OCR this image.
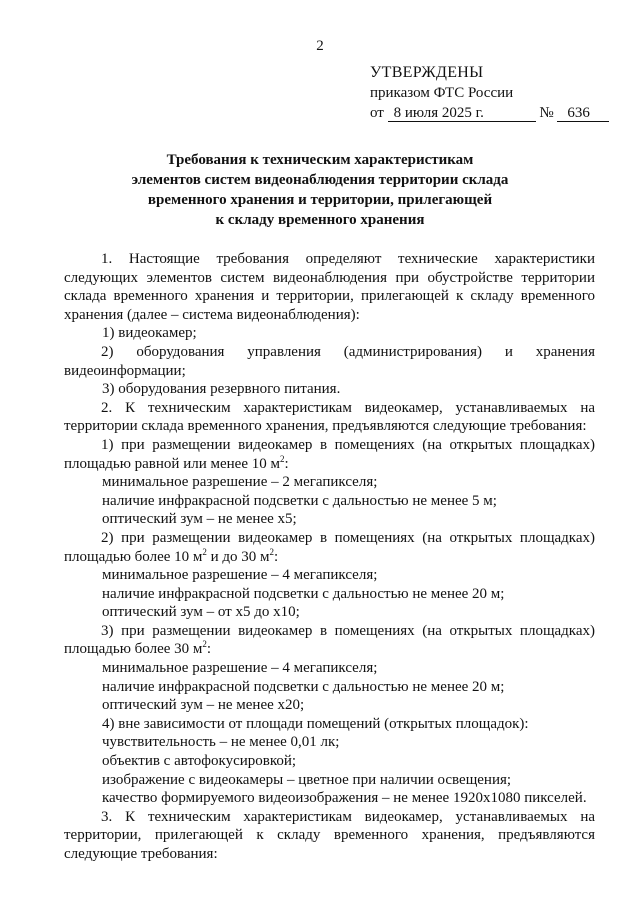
2
УТВЕРЖДЕНЫ
приказом ФТС России
от 8 июля 2025 г.	№ 636
Требования к техническим характеристикам
элементов систем видеонаблюдения территории склада
временного хранения и территории, прилегающей
к складу временного хранения

1. Настоящие требования определяют технические характеристики следующих элементов систем видеонаблюдения при обустройстве территории склада временного хранения и территории, прилегающей к складу временного хранения (далее – система видеонаблюдения):

1) видеокамер;

2) оборудования управления (администрирования) и хранения видеоинформации;

3) оборудования резервного питания.

2. К техническим характеристикам видеокамер, устанавливаемых на территории склада временного хранения, предъявляются следующие требования:

1) при размещении видеокамер в помещениях (на открытых площадках) площадью равной или менее 10 $м^2$:

минимальное разрешение – 2 мегапикселя;

наличие инфракрасной подсветки с дальностью не менее 5 м;

оптический зум – не менее x5;

2) при размещении видеокамер в помещениях (на открытых площадках) площадью более 10 $м^2$ и до 30 $м^2$:

минимальное разрешение – 4 мегапикселя;

наличие инфракрасной подсветки с дальностью не менее 20 м;

оптический зум – от x5 до x10;

3) при размещении видеокамер в помещениях (на открытых площадках) площадью более 30 $м^2$:

минимальное разрешение – 4 мегапикселя;

наличие инфракрасной подсветки с дальностью не менее 20 м;

оптический зум – не менее x20;

4) вне зависимости от площади помещений (открытых площадок):

чувствительность – не менее 0,01 лк;

объектив с автофокусировкой;

изображение с видеокамеры – цветное при наличии освещения;

качество формируемого видеоизображения – не менее 1920x1080 пикселей.

3. К техническим характеристикам видеокамер, устанавливаемых на территории, прилегающей к складу временного хранения, предъявляются следующие требования:
